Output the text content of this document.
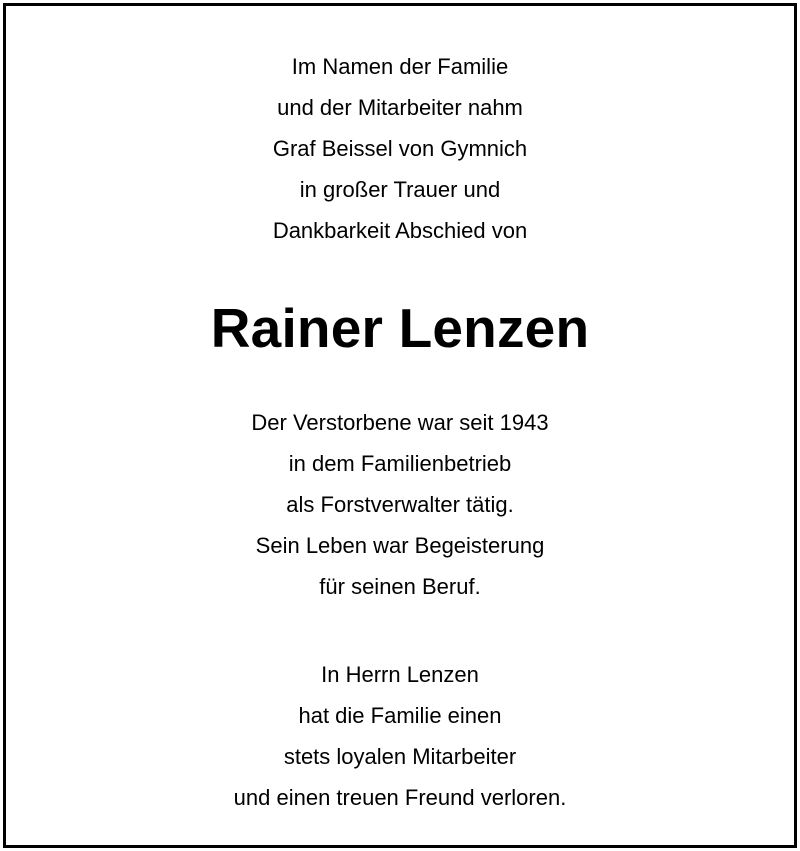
Im Namen der Familie
und der Mitarbeiter nahm
Graf Beissel von Gymnich
in großer Trauer und
Dankbarkeit Abschied von
Rainer Lenzen
Der Verstorbene war seit 1943
in dem Familienbetrieb
als Forstverwalter tätig.
Sein Leben war Begeisterung
für seinen Beruf.
In Herrn Lenzen
hat die Familie einen
stets loyalen Mitarbeiter
und einen treuen Freund verloren.
